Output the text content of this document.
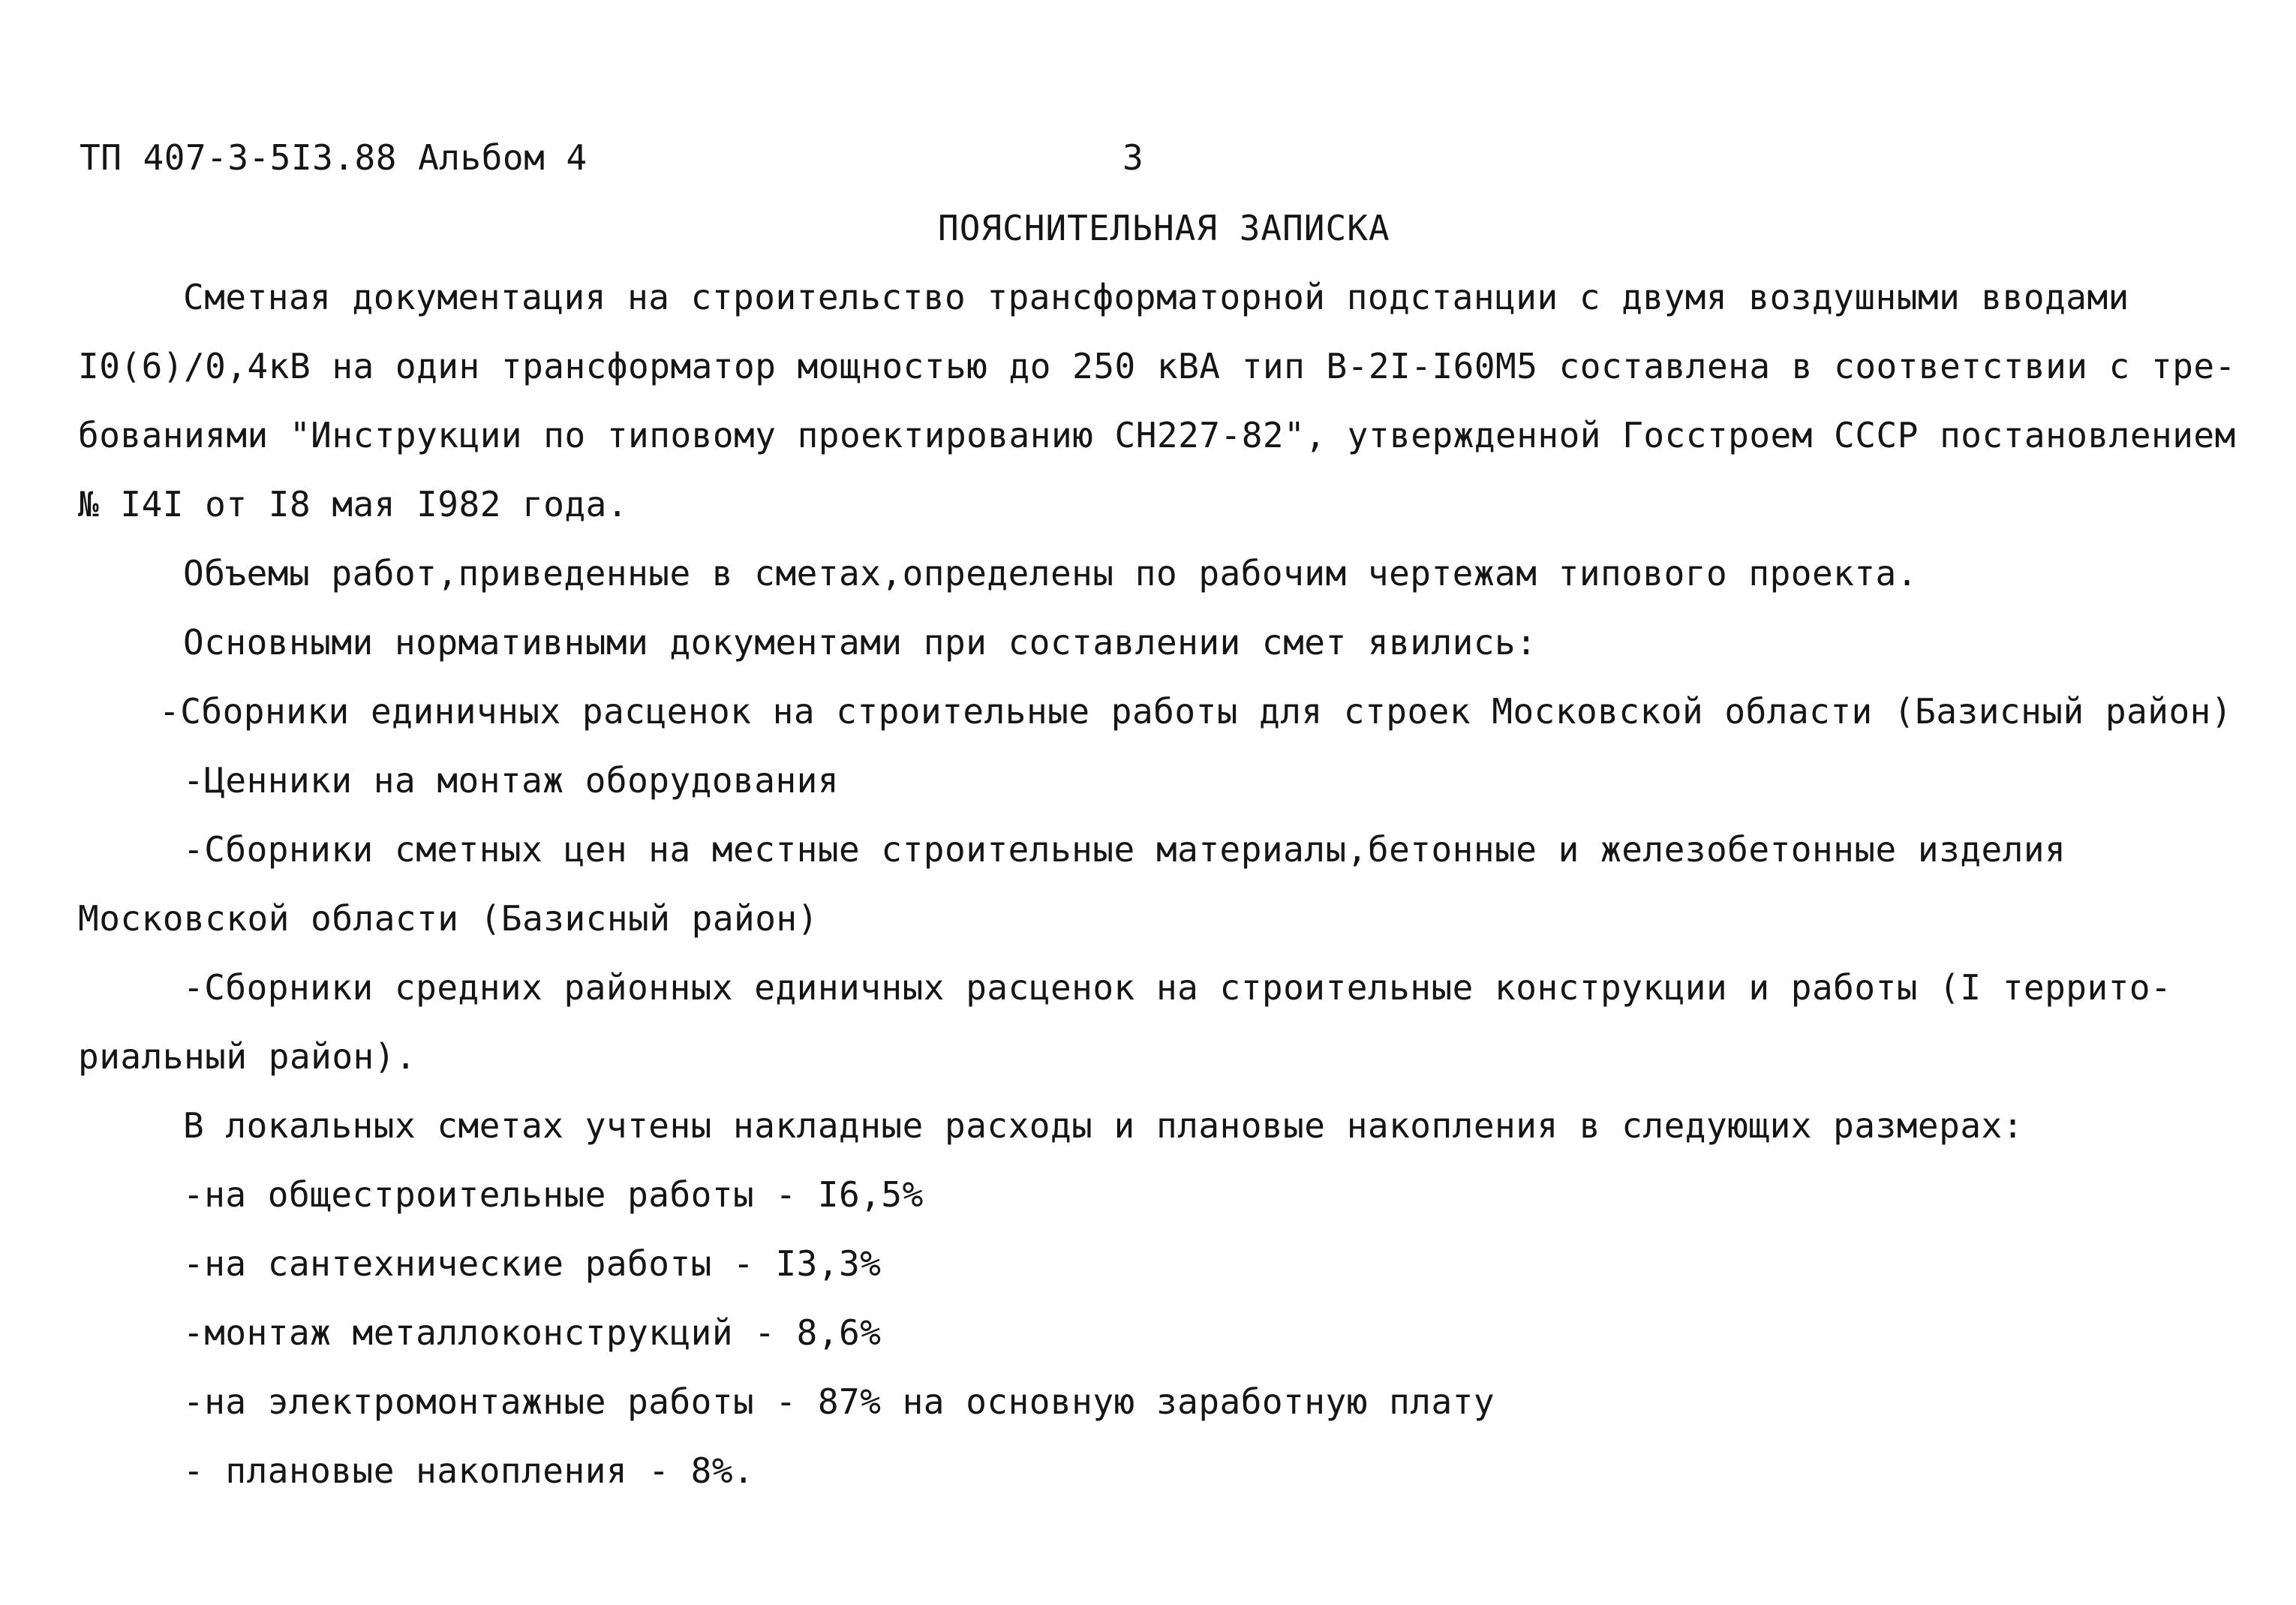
ТП 407-3-5I3.88 Альбом 4	3
ПОЯСНИТЕЛЬНАЯ ЗАПИСКА
Сметная документация на строительство трансформаторной подстанции с двумя воздушными вводами
I0(6)/0,4кВ на один трансформатор мощностью до 250 кВА тип В-2I-I60М5 составлена в соответствии с тре-
бованиями "Инструкции по типовому проектированию СН227-82", утвержденной Госстроем СССР постановлением
№ I4I от I8 мая I982 года.
Объемы работ,приведенные в сметах,определены по рабочим чертежам типового проекта.
Основными нормативными документами при составлении смет явились:
-Сборники единичных расценок на строительные работы для строек Московской области (Базисный район)
-Ценники на монтаж оборудования
-Сборники сметных цен на местные строительные материалы,бетонные и железобетонные изделия
Московской области (Базисный район)
-Сборники средних районных единичных расценок на строительные конструкции и работы (I террито-
риальный район).
В локальных сметах учтены накладные расходы и плановые накопления в следующих размерах:
-на общестроительные работы - I6,5%
-на сантехнические работы - I3,3%
-монтаж металлоконструкций - 8,6%
-на электромонтажные работы - 87% на основную заработную плату
- плановые накопления - 8%.
